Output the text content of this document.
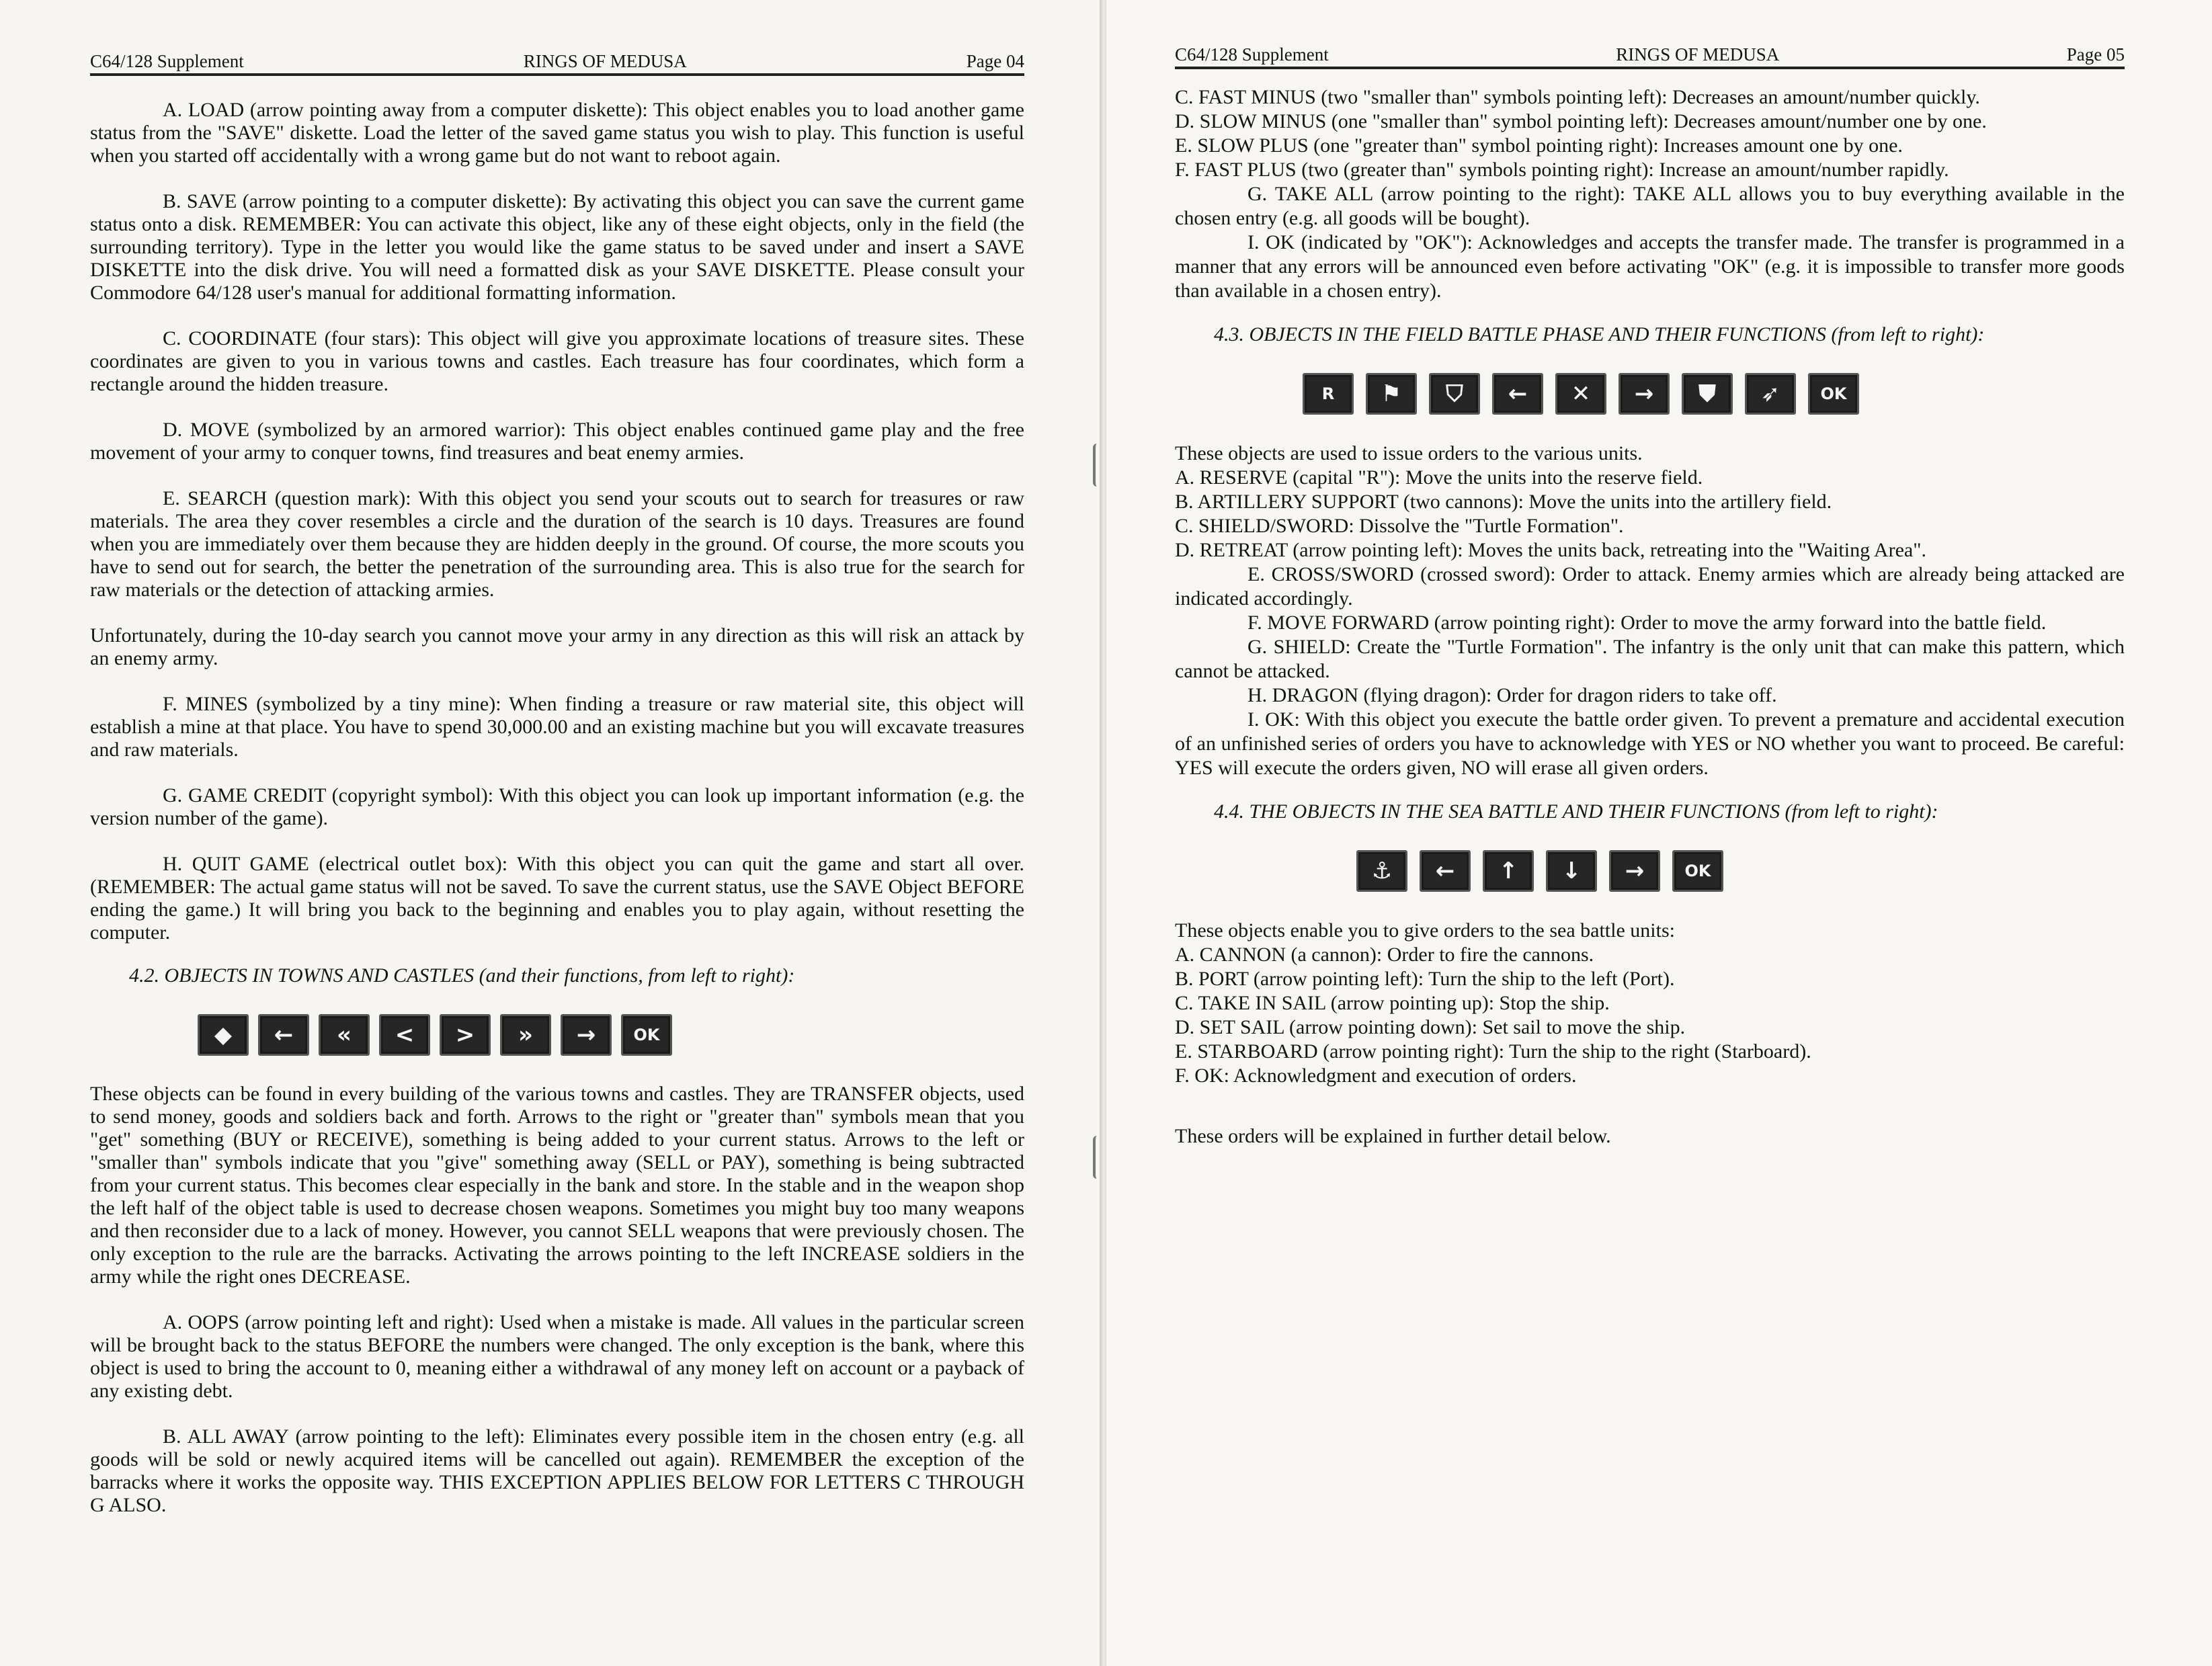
C64/128 Supplement	RINGS OF MEDUSA	Page 04

A. LOAD (arrow pointing away from a computer diskette): This object enables you to load another game status from the "SAVE" diskette. Load the letter of the saved game status you wish to play. This function is useful when you started off accidentally with a wrong game but do not want to reboot again.

B. SAVE (arrow pointing to a computer diskette): By activating this object you can save the current game status onto a disk. REMEMBER: You can activate this object, like any of these eight objects, only in the field (the surrounding territory). Type in the letter you would like the game status to be saved under and insert a SAVE DISKETTE into the disk drive. You will need a formatted disk as your SAVE DISKETTE. Please consult your Commodore 64/128 user's manual for additional formatting information.

C. COORDINATE (four stars): This object will give you approximate locations of treasure sites. These coordinates are given to you in various towns and castles. Each treasure has four coordinates, which form a rectangle around the hidden treasure.

D. MOVE (symbolized by an armored warrior): This object enables continued game play and the free movement of your army to conquer towns, find treasures and beat enemy armies.

E. SEARCH (question mark): With this object you send your scouts out to search for treasures or raw materials. The area they cover resembles a circle and the duration of the search is 10 days. Treasures are found when you are immediately over them because they are hidden deeply in the ground. Of course, the more scouts you have to send out for search, the better the penetration of the surrounding area. This is also true for the search for raw materials or the detection of attacking armies.

Unfortunately, during the 10-day search you cannot move your army in any direction as this will risk an attack by an enemy army.

F. MINES (symbolized by a tiny mine): When finding a treasure or raw material site, this object will establish a mine at that place. You have to spend 30,000.00 and an existing machine but you will excavate treasures and raw materials.

G. GAME CREDIT (copyright symbol): With this object you can look up important information (e.g. the version number of the game).

H. QUIT GAME (electrical outlet box): With this object you can quit the game and start all over. (REMEMBER: The actual game status will not be saved. To save the current status, use the SAVE Object BEFORE ending the game.) It will bring you back to the beginning and enables you to play again, without resetting the computer.

4.2. OBJECTS IN TOWNS AND CASTLES (and their functions, from left to right):
◆	←	«	<	>	»	→	OK

These objects can be found in every building of the various towns and castles. They are TRANSFER objects, used to send money, goods and soldiers back and forth. Arrows to the right or "greater than" symbols mean that you "get" something (BUY or RECEIVE), something is being added to your current status. Arrows to the left or "smaller than" symbols indicate that you "give" something away (SELL or PAY), something is being subtracted from your current status. This becomes clear especially in the bank and store. In the stable and in the weapon shop the left half of the object table is used to decrease chosen weapons. Sometimes you might buy too many weapons and then reconsider due to a lack of money. However, you cannot SELL weapons that were previously chosen. The only exception to the rule are the barracks. Activating the arrows pointing to the left INCREASE soldiers in the army while the right ones DECREASE.

A. OOPS (arrow pointing left and right): Used when a mistake is made. All values in the particular screen will be brought back to the status BEFORE the numbers were changed. The only exception is the bank, where this object is used to bring the account to 0, meaning either a withdrawal of any money left on account or a payback of any existing debt.

B. ALL AWAY (arrow pointing to the left): Eliminates every possible item in the chosen entry (e.g. all goods will be sold or newly acquired items will be cancelled out again). REMEMBER the exception of the barracks where it works the opposite way. THIS EXCEPTION APPLIES BELOW FOR LETTERS C THROUGH G ALSO.

C64/128 Supplement	RINGS OF MEDUSA	Page 05

C. FAST MINUS (two "smaller than" symbols pointing left): Decreases an amount/number quickly.

D. SLOW MINUS (one "smaller than" symbol pointing left): Decreases amount/number one by one.

E. SLOW PLUS (one "greater than" symbol pointing right): Increases amount one by one.

F. FAST PLUS (two (greater than" symbols pointing right): Increase an amount/number rapidly.

G. TAKE ALL (arrow pointing to the right): TAKE ALL allows you to buy everything available in the chosen entry (e.g. all goods will be bought).

I. OK (indicated by "OK"): Acknowledges and accepts the transfer made. The transfer is programmed in a manner that any errors will be announced even before activating "OK" (e.g. it is impossible to transfer more goods than available in a chosen entry).

4.3. OBJECTS IN THE FIELD BATTLE PHASE AND THEIR FUNCTIONS (from left to right):
R	⚑	⛉	←	✕	→	⛊	➶	OK

These objects are used to issue orders to the various units.

A. RESERVE (capital "R"): Move the units into the reserve field.

B. ARTILLERY SUPPORT (two cannons): Move the units into the artillery field.

C. SHIELD/SWORD: Dissolve the "Turtle Formation".

D. RETREAT (arrow pointing left): Moves the units back, retreating into the "Waiting Area".

E. CROSS/SWORD (crossed sword): Order to attack. Enemy armies which are already being attacked are indicated accordingly.

F. MOVE FORWARD (arrow pointing right): Order to move the army forward into the battle field.

G. SHIELD: Create the "Turtle Formation". The infantry is the only unit that can make this pattern, which cannot be attacked.

H. DRAGON (flying dragon): Order for dragon riders to take off.

I. OK: With this object you execute the battle order given. To prevent a premature and accidental execution of an unfinished series of orders you have to acknowledge with YES or NO whether you want to proceed. Be careful: YES will execute the orders given, NO will erase all given orders.

4.4. THE OBJECTS IN THE SEA BATTLE AND THEIR FUNCTIONS (from left to right):
⚓	←	↑	↓	→	OK

These objects enable you to give orders to the sea battle units:

A. CANNON (a cannon): Order to fire the cannons.

B. PORT (arrow pointing left): Turn the ship to the left (Port).

C. TAKE IN SAIL (arrow pointing up): Stop the ship.

D. SET SAIL (arrow pointing down): Set sail to move the ship.

E. STARBOARD (arrow pointing right): Turn the ship to the right (Starboard).

F. OK: Acknowledgment and execution of orders.

These orders will be explained in further detail below.
